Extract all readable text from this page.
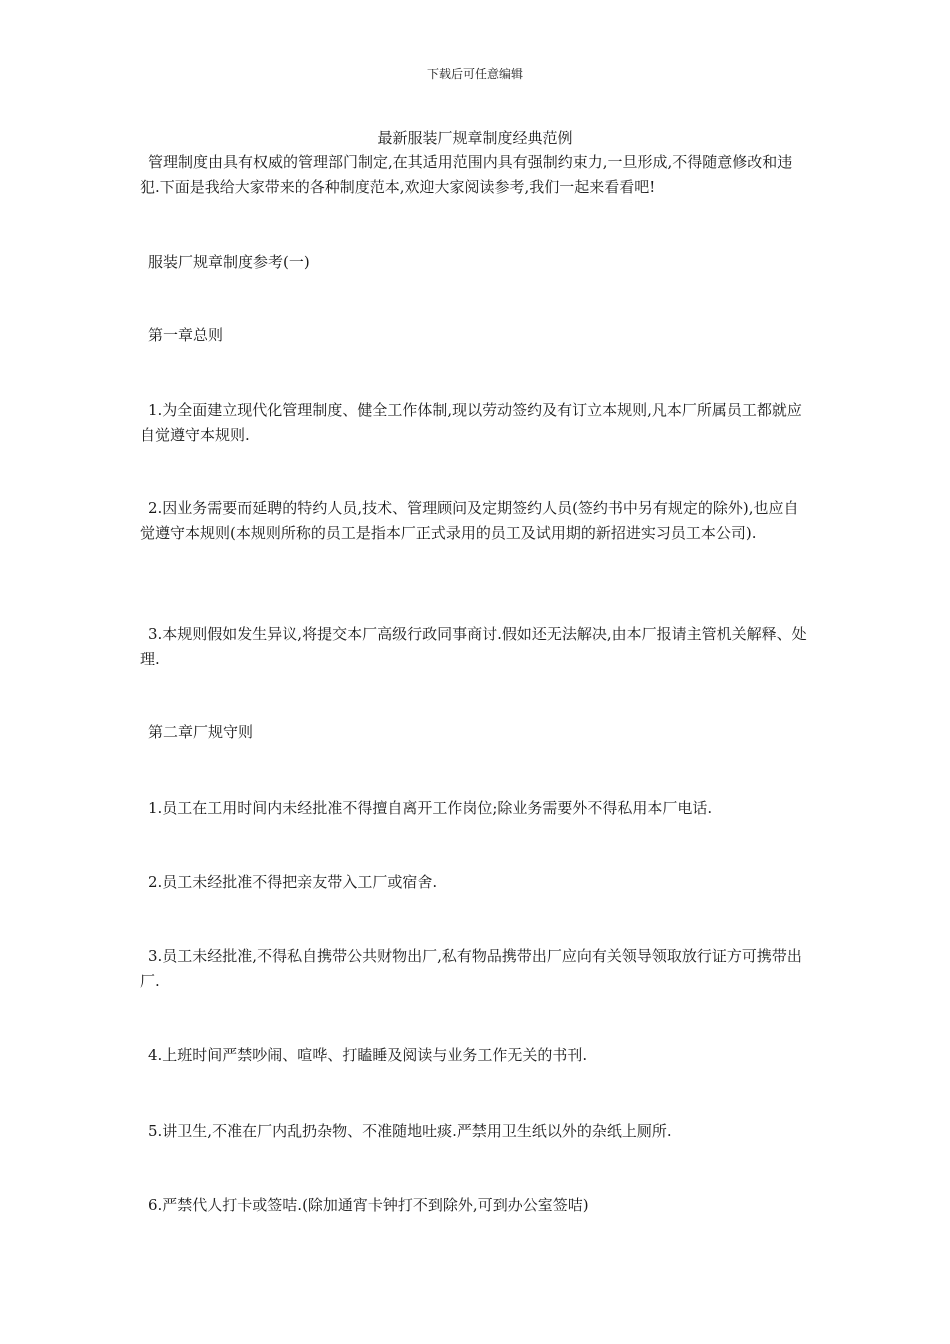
下载后可任意编辑
最新服装厂规章制度经典范例

管理制度由具有权威的管理部门制定,在其适用范围内具有强制约束力,一旦形成,不得随意修改和违犯.下面是我给大家带来的各种制度范本,欢迎大家阅读参考,我们一起来看看吧!

服装厂规章制度参考(一)

第一章总则

1.为全面建立现代化管理制度、健全工作体制,现以劳动签约及有订立本规则,凡本厂所属员工都就应自觉遵守本规则.

2.因业务需要而延聘的特约人员,技术、管理顾问及定期签约人员(签约书中另有规定的除外),也应自觉遵守本规则(本规则所称的员工是指本厂正式录用的员工及试用期的新招进实习员工本公司).

3.本规则假如发生异议,将提交本厂高级行政同事商讨.假如还无法解决,由本厂报请主管机关解释、处理.

第二章厂规守则

1.员工在工用时间内未经批准不得擅自离开工作岗位;除业务需要外不得私用本厂电话.

2.员工未经批准不得把亲友带入工厂或宿舍.

3.员工未经批准,不得私自携带公共财物出厂,私有物品携带出厂应向有关领导领取放行证方可携带出厂.

4.上班时间严禁吵闹、喧哗、打瞌睡及阅读与业务工作无关的书刊.

5.讲卫生,不准在厂内乱扔杂物、不准随地吐痰.严禁用卫生纸以外的杂纸上厕所.

6.严禁代人打卡或签咭.(除加通宵卡钟打不到除外,可到办公室签咭)
